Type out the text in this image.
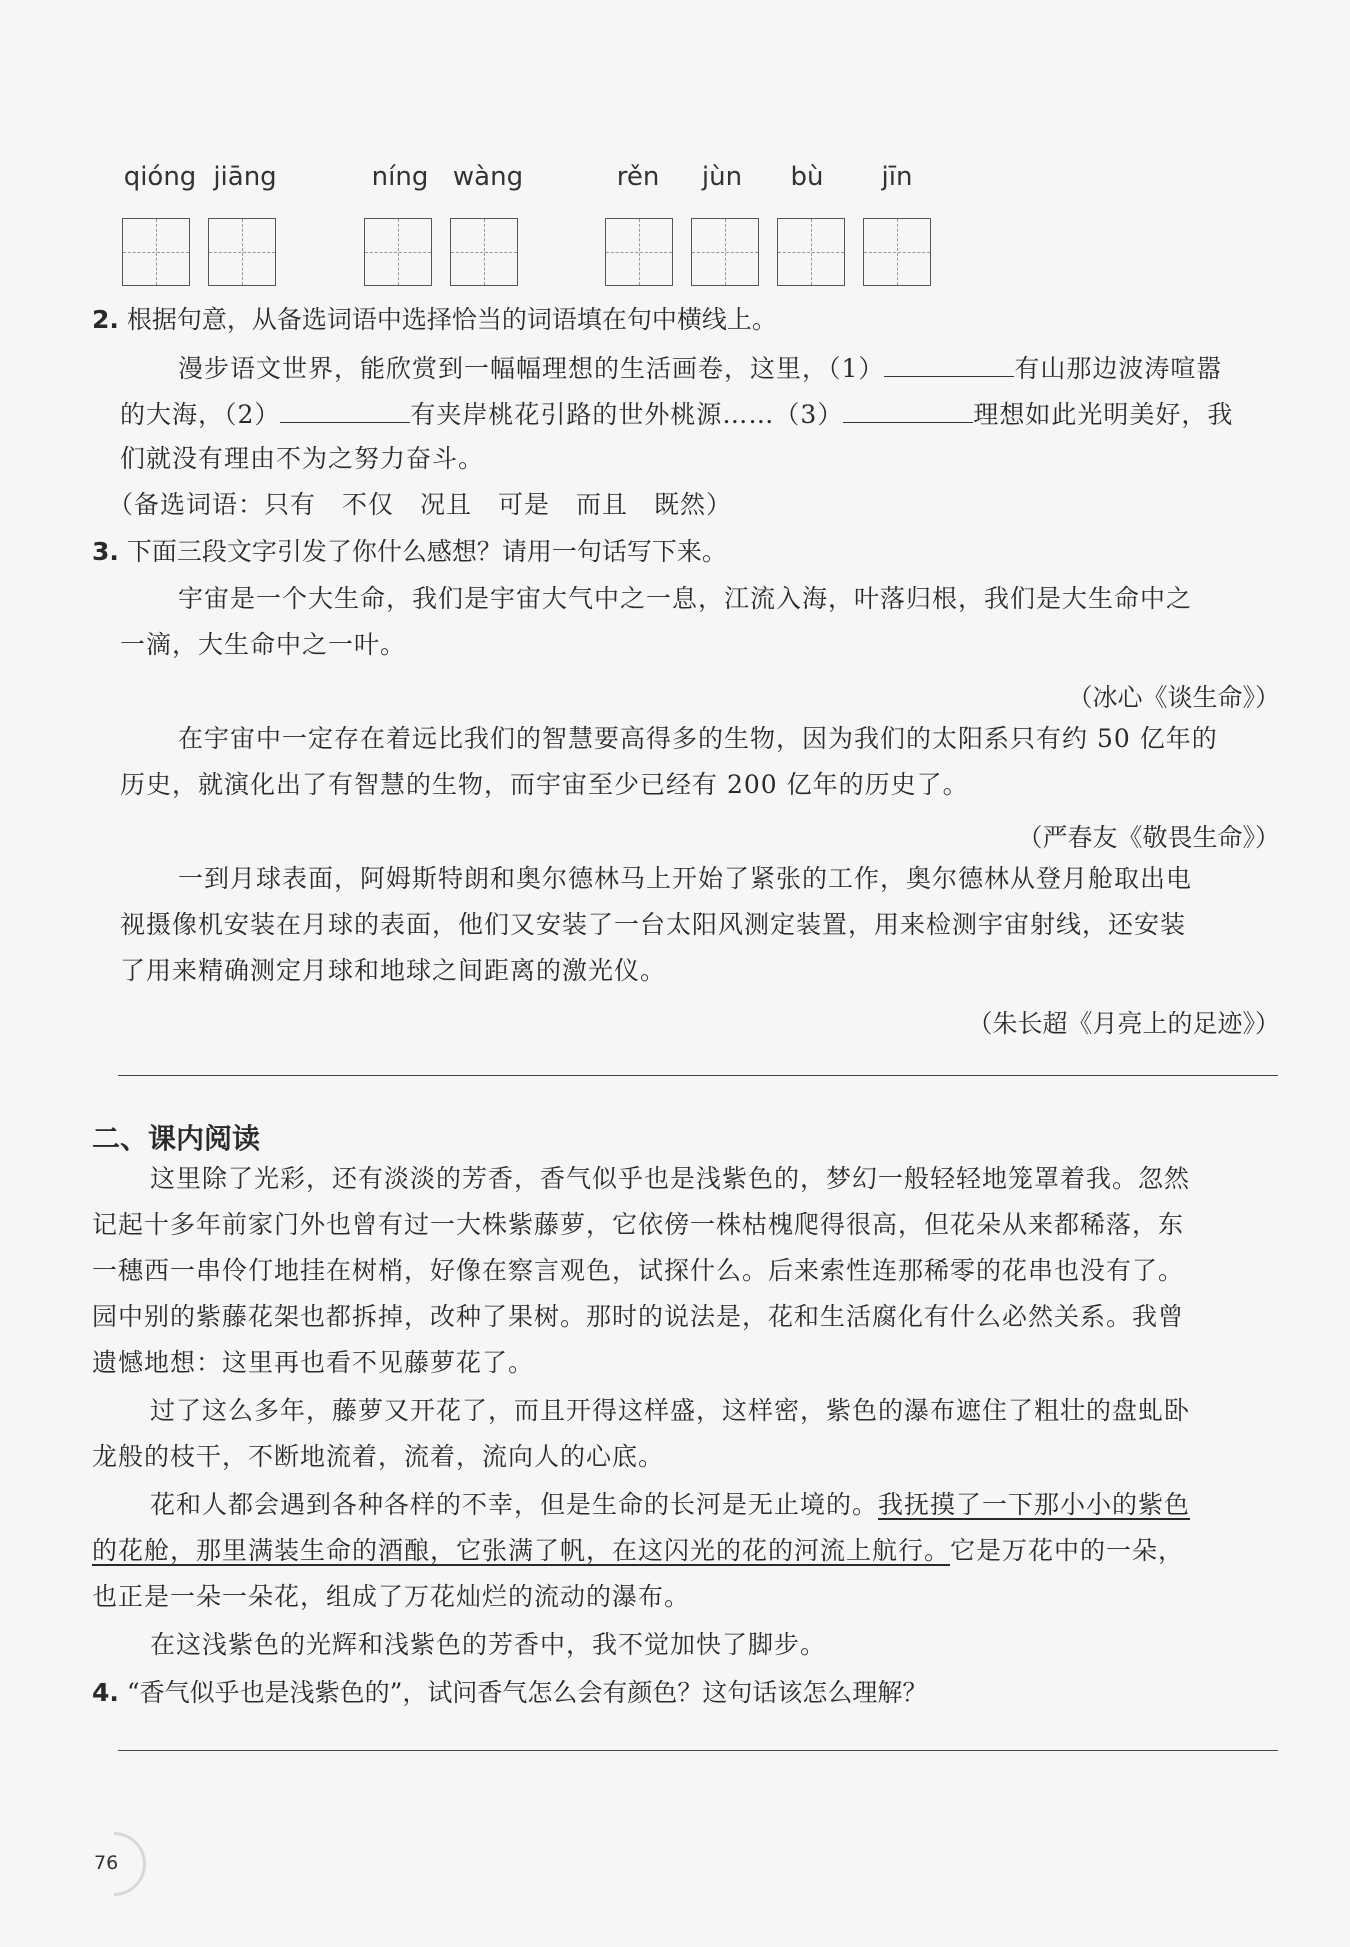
qióng jiāng	níng wàng	rěn jùn bù jīn
2. 根据句意，从备选词语中选择恰当的词语填在句中横线上。
漫步语文世界，能欣赏到一幅幅理想的生活画卷，这里，（1）	有山那边波涛喧嚣
的大海，（2）	有夹岸桃花引路的世外桃源……（3）	理想如此光明美好，我
们就没有理由不为之努力奋斗。
（备选词语：只有　不仅　况且　可是　而且　既然）
3. 下面三段文字引发了你什么感想？请用一句话写下来。
宇宙是一个大生命，我们是宇宙大气中之一息，江流入海，叶落归根，我们是大生命中之
一滴，大生命中之一叶。
（冰心《谈生命》）
在宇宙中一定存在着远比我们的智慧要高得多的生物，因为我们的太阳系只有约 50 亿年的
历史，就演化出了有智慧的生物，而宇宙至少已经有 200 亿年的历史了。
（严春友《敬畏生命》）
一到月球表面，阿姆斯特朗和奥尔德林马上开始了紧张的工作，奥尔德林从登月舱取出电
视摄像机安装在月球的表面，他们又安装了一台太阳风测定装置，用来检测宇宙射线，还安装
了用来精确测定月球和地球之间距离的激光仪。
（朱长超《月亮上的足迹》）
二、课内阅读
这里除了光彩，还有淡淡的芳香，香气似乎也是浅紫色的，梦幻一般轻轻地笼罩着我。忽然
记起十多年前家门外也曾有过一大株紫藤萝，它依傍一株枯槐爬得很高，但花朵从来都稀落，东
一穗西一串伶仃地挂在树梢，好像在察言观色，试探什么。后来索性连那稀零的花串也没有了。
园中别的紫藤花架也都拆掉，改种了果树。那时的说法是，花和生活腐化有什么必然关系。我曾
遗憾地想：这里再也看不见藤萝花了。
过了这么多年，藤萝又开花了，而且开得这样盛，这样密，紫色的瀑布遮住了粗壮的盘虬卧
龙般的枝干，不断地流着，流着，流向人的心底。
花和人都会遇到各种各样的不幸，但是生命的长河是无止境的。我抚摸了一下那小小的紫色
的花舱，那里满装生命的酒酿，它张满了帆，在这闪光的花的河流上航行。它是万花中的一朵，
也正是一朵一朵花，组成了万花灿烂的流动的瀑布。
在这浅紫色的光辉和浅紫色的芳香中，我不觉加快了脚步。
4. “香气似乎也是浅紫色的”，试问香气怎么会有颜色？这句话该怎么理解？
76
